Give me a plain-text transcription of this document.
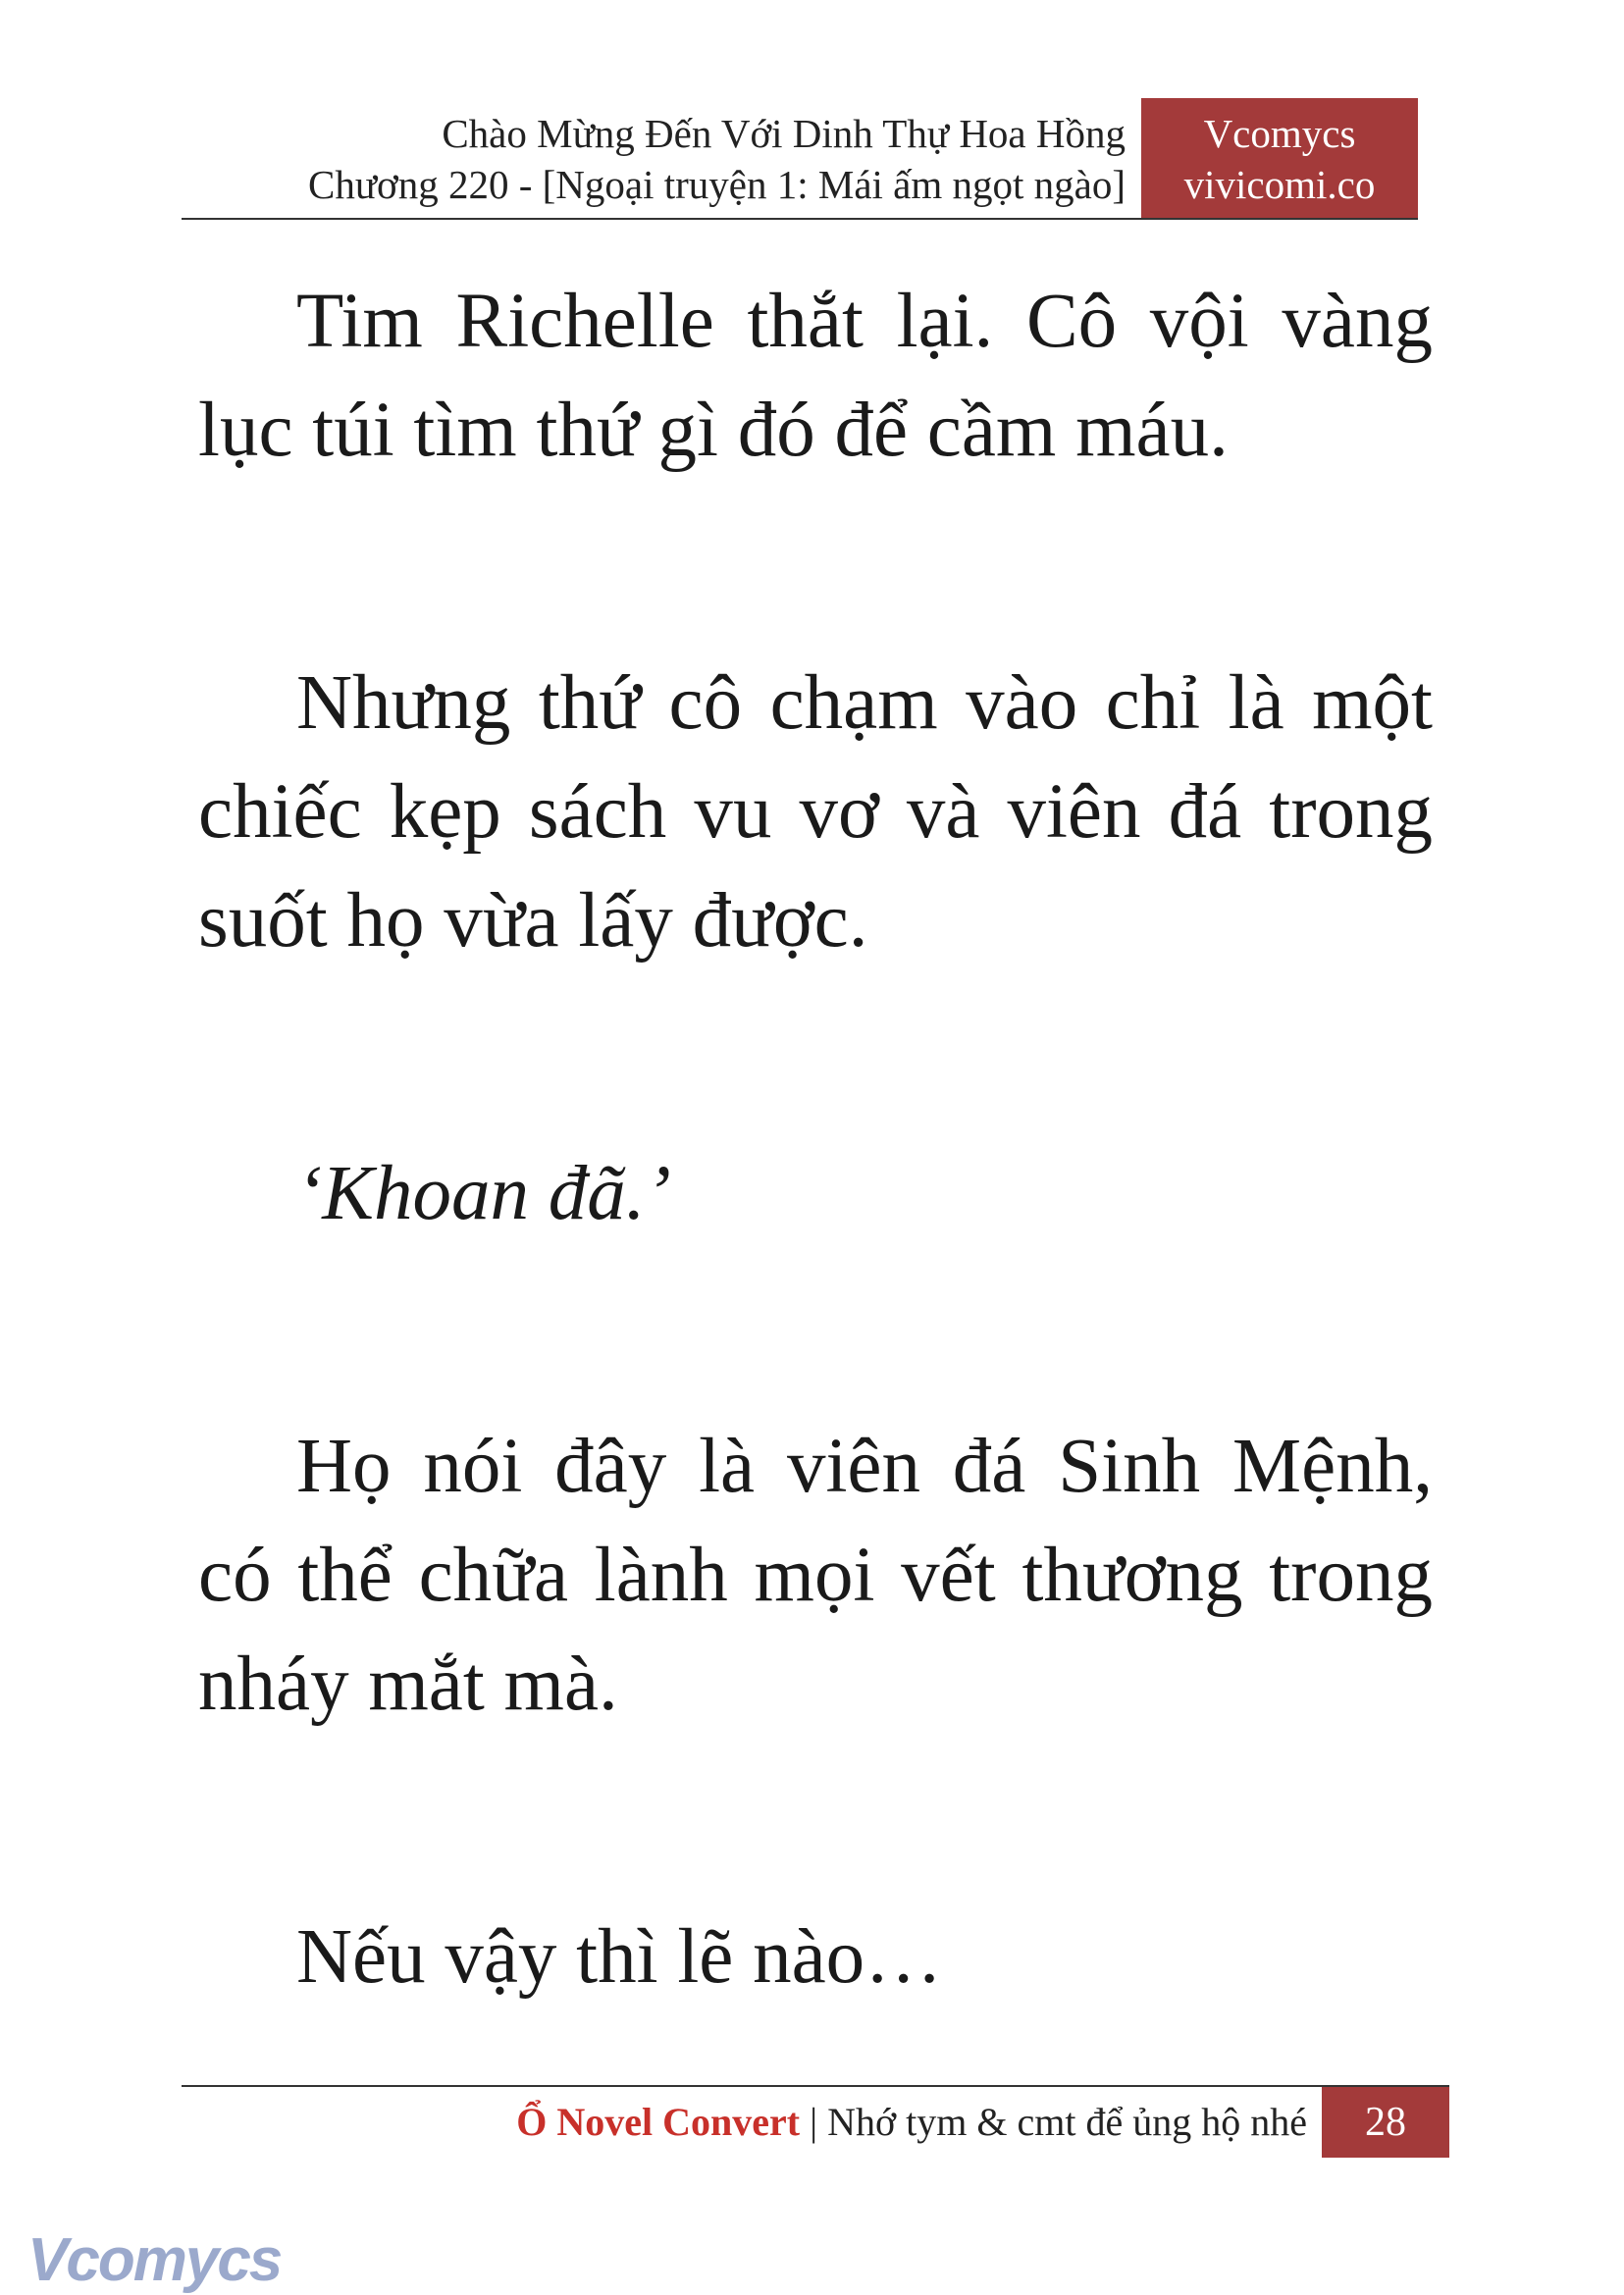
Chào Mừng Đến Với Dinh Thự Hoa Hồng
Chương 220 - [Ngoại truyện 1: Mái ấm ngọt ngào]
Vcomycs
vivicomi.co

Tim Richelle thắt lại. Cô vội vàng lục túi tìm thứ gì đó để cầm máu.

Nhưng thứ cô chạm vào chỉ là một chiếc kẹp sách vu vơ và viên đá trong suốt họ vừa lấy được.

‘Khoan đã.’

Họ nói đây là viên đá Sinh Mệnh, có thể chữa lành mọi vết thương trong nháy mắt mà.

Nếu vậy thì lẽ nào…

Ổ Novel Convert | Nhớ tym & cmt để ủng hộ nhé	28
Vcomycs
